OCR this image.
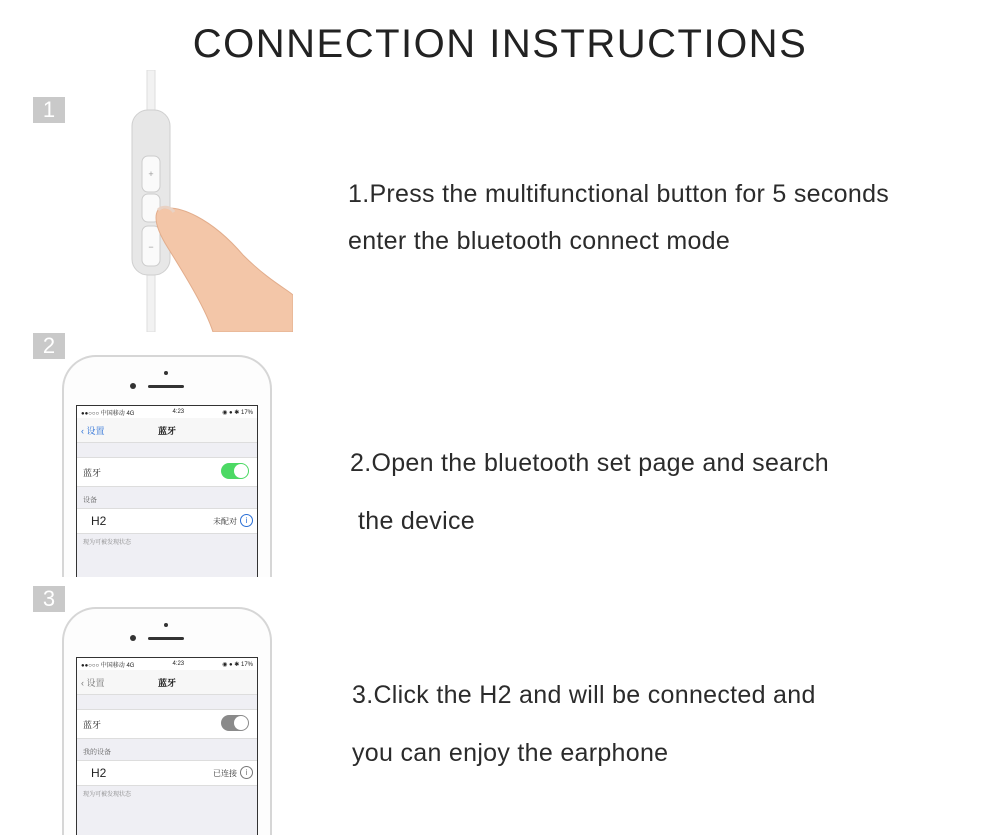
CONNECTION INSTRUCTIONS
1
+
−
1.Press the multifunctional button for 5 seconds
enter the bluetooth connect mode
2
●●○○○ 中国移动 4G	4:23	◉ ● ✱ 17%
‹ 设置	蓝牙
蓝牙
设备
H2	未配对	i
现为可被发现状态
2.Open the bluetooth set page and search
the device
3
●●○○○ 中国移动 4G	4:23	◉ ● ✱ 17%
‹ 设置	蓝牙
蓝牙
我的设备
H2	已连接	i
现为可被发现状态
3.Click the H2 and will be connected and
you can enjoy the earphone
